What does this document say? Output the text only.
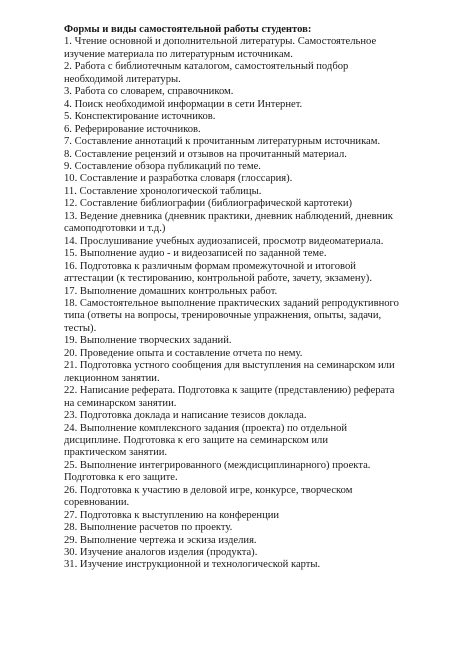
Формы и виды самостоятельной работы студентов:
1. Чтение основной и дополнительной литературы. Самостоятельное
изучение материала по литературным источникам.
2. Работа с библиотечным каталогом, самостоятельный подбор
необходимой литературы.
3. Работа со словарем, справочником.
4. Поиск необходимой информации в сети Интернет.
5. Конспектирование источников.
6. Реферирование источников.
7. Составление аннотаций к прочитанным литературным источникам.
8. Составление рецензий и отзывов на прочитанный материал.
9. Составление обзора публикаций по теме.
10. Составление и разработка словаря (глоссария).
11. Составление хронологической таблицы.
12. Составление библиографии (библиографической картотеки)
13. Ведение дневника (дневник практики, дневник наблюдений, дневник
самоподготовки и т.д.)
14. Прослушивание учебных аудиозаписей, просмотр видеоматериала.
15. Выполнение аудио - и видеозаписей по заданной теме.
16. Подготовка к различным формам промежуточной и итоговой
аттестации (к тестированию, контрольной работе, зачету, экзамену).
17. Выполнение домашних контрольных работ.
18. Самостоятельное выполнение практических заданий репродуктивного
типа (ответы на вопросы, тренировочные упражнения, опыты, задачи,
тесты).
19. Выполнение творческих заданий.
20. Проведение опыта и составление отчета по нему.
21. Подготовка устного сообщения для выступления на семинарском или
лекционном занятии.
22. Написание реферата. Подготовка к защите (представлению) реферата
на семинарском занятии.
23. Подготовка доклада и написание тезисов доклада.
24. Выполнение комплексного задания (проекта) по отдельной
дисциплине. Подготовка к его защите на семинарском или
практическом занятии.
25. Выполнение интегрированного (междисциплинарного) проекта.
Подготовка к его защите.
26. Подготовка к участию в деловой игре, конкурсе, творческом
соревновании.
27. Подготовка к выступлению на конференции
28. Выполнение расчетов по проекту.
29. Выполнение чертежа и эскиза изделия.
30. Изучение аналогов изделия (продукта).
31. Изучение инструкционной и технологической карты.
